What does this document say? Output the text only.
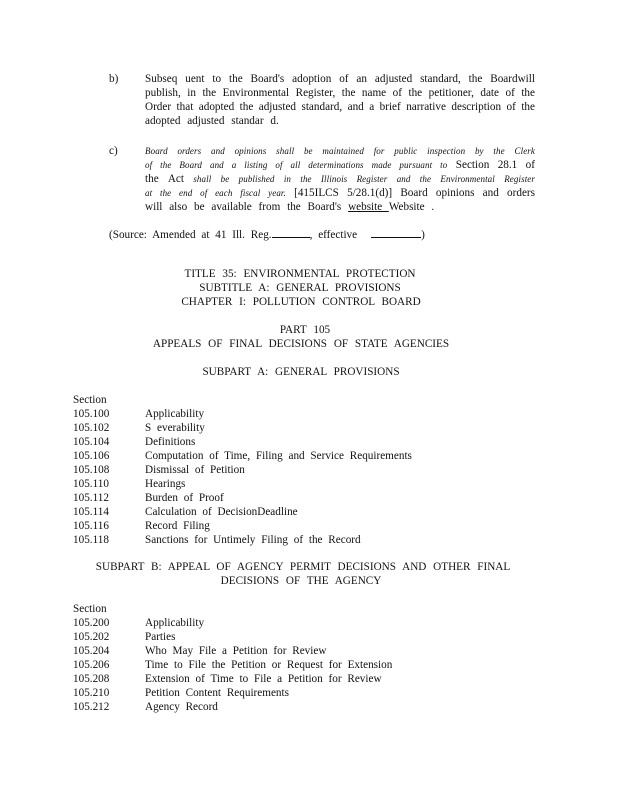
b) Subseq uent to the Board's adoption of an adjusted standard, the Boardwill
publish, in the Environmental Register, the name of the petitioner, date of the
Order that adopted the adjusted standard, and a brief narrative description of the
adopted adjusted standar d.
c)	Board orders and opinions shall be maintained for public inspection by the Clerk
of the Board and a listing of all determinations made pursuant to Section 28.1 of
the Act shall be published in the Illinois Register and the Environmental Register
at the end of each fiscal year. [415ILCS 5/28.1(d)] Board opinions and orders
will also be available from the Board's website Website .
(Source: Amended at 41 Ill. Reg.	, effective	)
TITLE 35: ENVIRONMENTAL PROTECTION
SUBTITLE A: GENERAL PROVISIONS
CHAPTER I: POLLUTION CONTROL BOARD
PART 105
APPEALS OF FINAL DECISIONS OF STATE AGENCIES
SUBPART A: GENERAL PROVISIONS
Section
105.100	Applicability
105.102	S everability
105.104	Definitions
105.106	Computation of Time, Filing and Service Requirements
105.108	Dismissal of Petition
105.110	Hearings
105.112	Burden of Proof
105.114	Calculation of DecisionDeadline
105.116	Record Filing
105.118	Sanctions for Untimely Filing of the Record
SUBPART B: APPEAL OF AGENCY PERMIT DECISIONS AND OTHER FINAL
DECISIONS OF THE AGENCY
Section
105.200	Applicability
105.202	Parties
105.204	Who May File a Petition for Review
105.206	Time to File the Petition or Request for Extension
105.208	Extension of Time to File a Petition for Review
105.210	Petition Content Requirements
105.212	Agency Record
